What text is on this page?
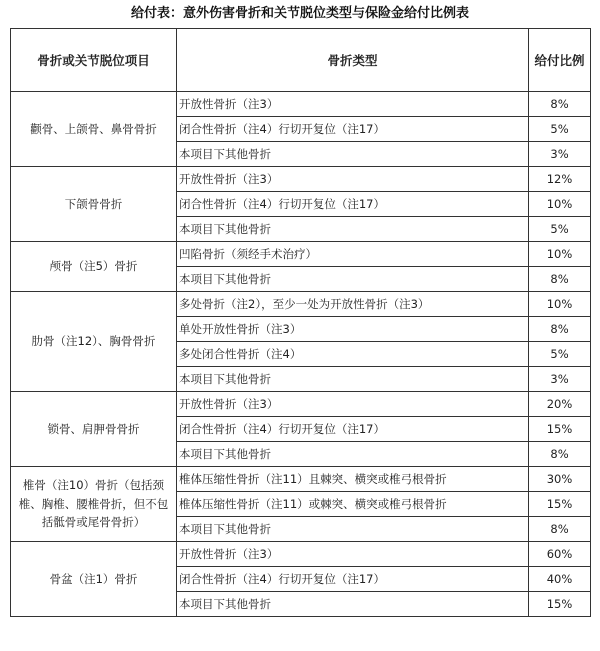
给付表：意外伤害骨折和关节脱位类型与保险金给付比例表
骨折或关节脱位项目	骨折类型	给付比例
颧骨、上颌骨、鼻骨骨折	开放性骨折（注3）	8%
	闭合性骨折（注4）行切开复位（注17）	5%
	本项目下其他骨折	3%
下颌骨骨折	开放性骨折（注3）	12%
	闭合性骨折（注4）行切开复位（注17）	10%
	本项目下其他骨折	5%
颅骨（注5）骨折	凹陷骨折（须经手术治疗）	10%
	本项目下其他骨折	8%
肋骨（注12）、胸骨骨折	多处骨折（注2），至少一处为开放性骨折（注3）	10%
	单处开放性骨折（注3）	8%
	多处闭合性骨折（注4）	5%
	本项目下其他骨折	3%
锁骨、肩胛骨骨折	开放性骨折（注3）	20%
	闭合性骨折（注4）行切开复位（注17）	15%
	本项目下其他骨折	8%
椎骨（注10）骨折（包括颈椎、胸椎、腰椎骨折，但不包括骶骨或尾骨骨折）	椎体压缩性骨折（注11）且棘突、横突或椎弓根骨折	30%
	椎体压缩性骨折（注11）或棘突、横突或椎弓根骨折	15%
	本项目下其他骨折	8%
骨盆（注1）骨折	开放性骨折（注3）	60%
	闭合性骨折（注4）行切开复位（注17）	40%
	本项目下其他骨折	15%
